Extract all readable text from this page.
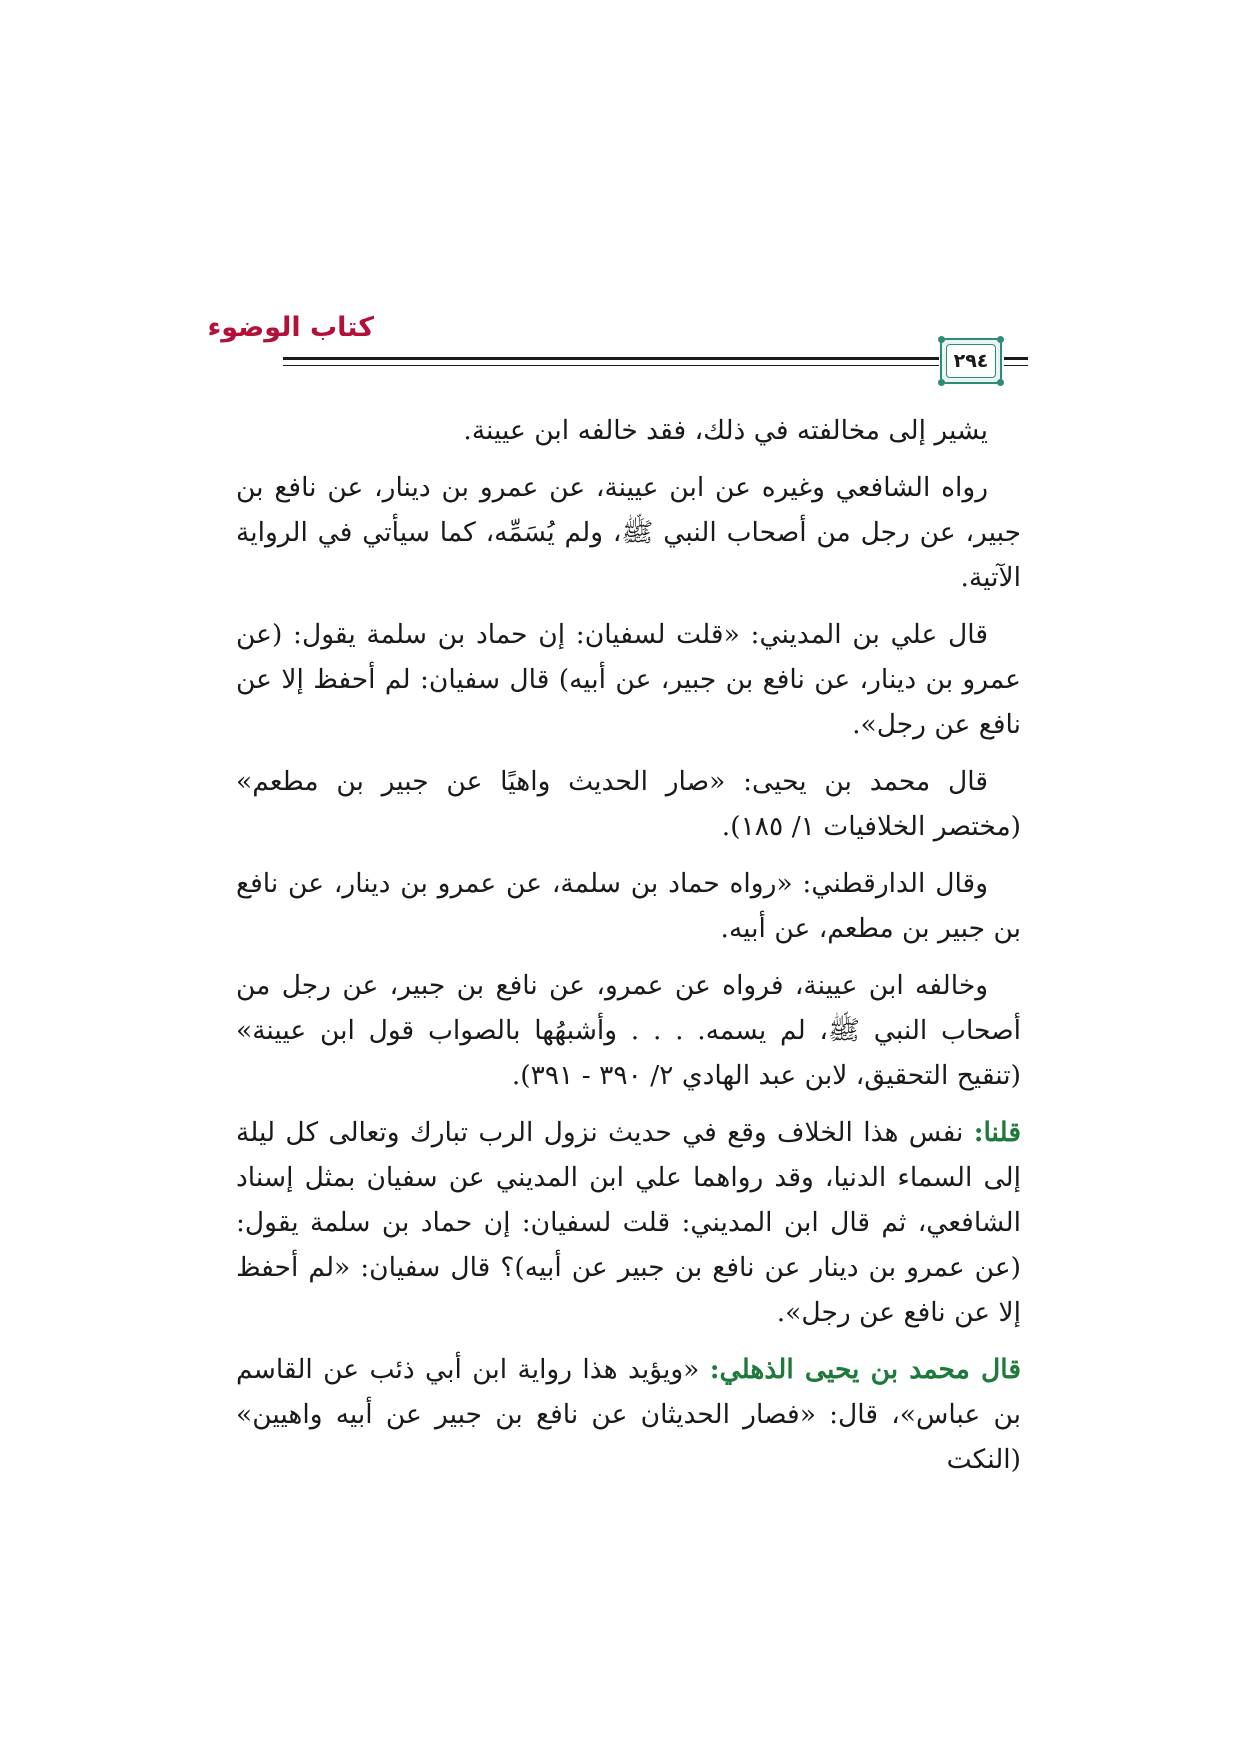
كتاب الوضوء
٢٩٤

يشير إلى مخالفته في ذلك، فقد خالفه ابن عيينة.

رواه الشافعي وغيره عن ابن عيينة، عن عمرو بن دينار، عن نافع بن جبير، عن رجل من أصحاب النبي ﷺ، ولم يُسَمِّه، كما سيأتي في الرواية الآتية.

قال علي بن المديني: «قلت لسفيان: إن حماد بن سلمة يقول: (عن عمرو بن دينار، عن نافع بن جبير، عن أبيه) قال سفيان: لم أحفظ إلا عن نافع عن رجل».

قال محمد بن يحيى: «صار الحديث واهيًا عن جبير بن مطعم» (مختصر الخلافيات ١/ ١٨٥).

وقال الدارقطني: «رواه حماد بن سلمة، عن عمرو بن دينار، عن نافع بن جبير بن مطعم، عن أبيه.

وخالفه ابن عيينة، فرواه عن عمرو، عن نافع بن جبير، عن رجل من أصحاب النبي ﷺ، لم يسمه. . . . وأشبهُها بالصواب قول ابن عيينة» (تنقيح التحقيق، لابن عبد الهادي ٢/ ٣٩٠ - ٣٩١).

قلنا: نفس هذا الخلاف وقع في حديث نزول الرب تبارك وتعالى كل ليلة إلى السماء الدنيا، وقد رواهما علي ابن المديني عن سفيان بمثل إسناد الشافعي، ثم قال ابن المديني: قلت لسفيان: إن حماد بن سلمة يقول: (عن عمرو بن دينار عن نافع بن جبير عن أبيه)؟ قال سفيان: «لم أحفظ إلا عن نافع عن رجل».

قال محمد بن يحيى الذهلي: «ويؤيد هذا رواية ابن أبي ذئب عن القاسم بن عباس»، قال: «فصار الحديثان عن نافع بن جبير عن أبيه واهيين» (النكت
